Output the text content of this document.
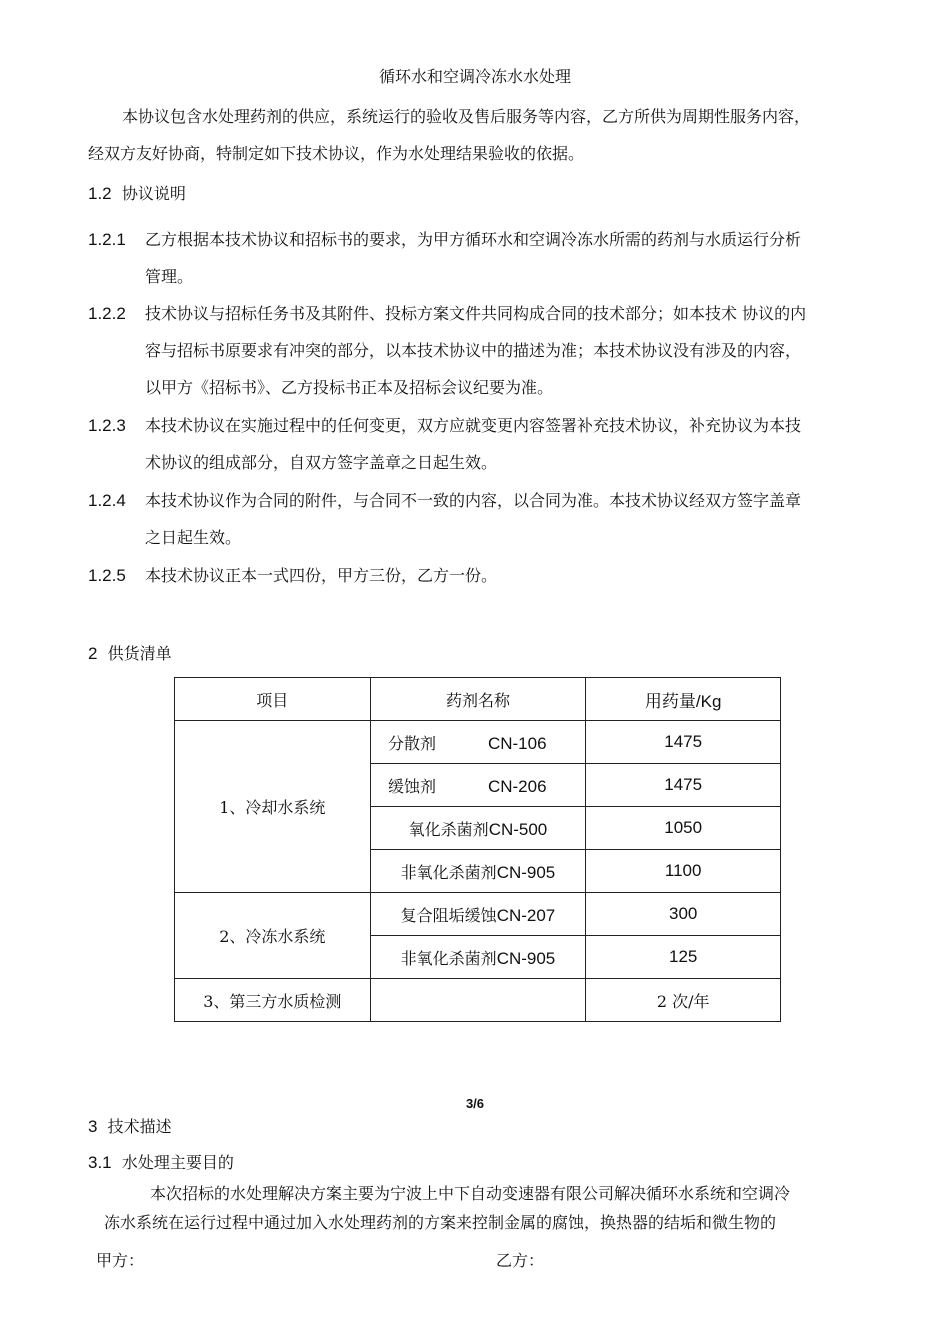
循环水和空调冷冻水水处理
本协议包含水处理药剂的供应，系统运行的验收及售后服务等内容，乙方所供为周期性服务内容，
经双方友好协商，特制定如下技术协议，作为水处理结果验收的依据。
1.2 协议说明
1.2.1 乙方根据本技术协议和招标书的要求，为甲方循环水和空调冷冻水所需的药剂与水质运行分析
管理。
1.2.2 技术协议与招标任务书及其附件、投标方案文件共同构成合同的技术部分；如本技术 协议的内
容与招标书原要求有冲突的部分，以本技术协议中的描述为准；本技术协议没有涉及的内容，
以甲方《招标书》、乙方投标书正本及招标会议纪要为准。
1.2.3 本技术协议在实施过程中的任何变更，双方应就变更内容签署补充技术协议，补充协议为本技
术协议的组成部分，自双方签字盖章之日起生效。
1.2.4 本技术协议作为合同的附件，与合同不一致的内容，以合同为准。本技术协议经双方签字盖章
之日起生效。
1.2.5 本技术协议正本一式四份，甲方三份，乙方一份。
2 供货清单
项目	药剂名称	用药量/Kg
1、冷却水系统	分散剂 CN-106	1475
	缓蚀剂 CN-206	1475
	氧化杀菌剂CN-500	1050
	非氧化杀菌剂CN-905	1100
2、冷冻水系统	复合阻垢缓蚀CN-207	300
	非氧化杀菌剂CN-905	125
3、第三方水质检测		2 次/年
3/6
3 技术描述
3.1 水处理主要目的
本次招标的水处理解决方案主要为宁波上中下自动变速器有限公司解决循环水系统和空调冷
冻水系统在运行过程中通过加入水处理药剂的方案来控制金属的腐蚀，换热器的结垢和微生物的
甲方：	乙方：
